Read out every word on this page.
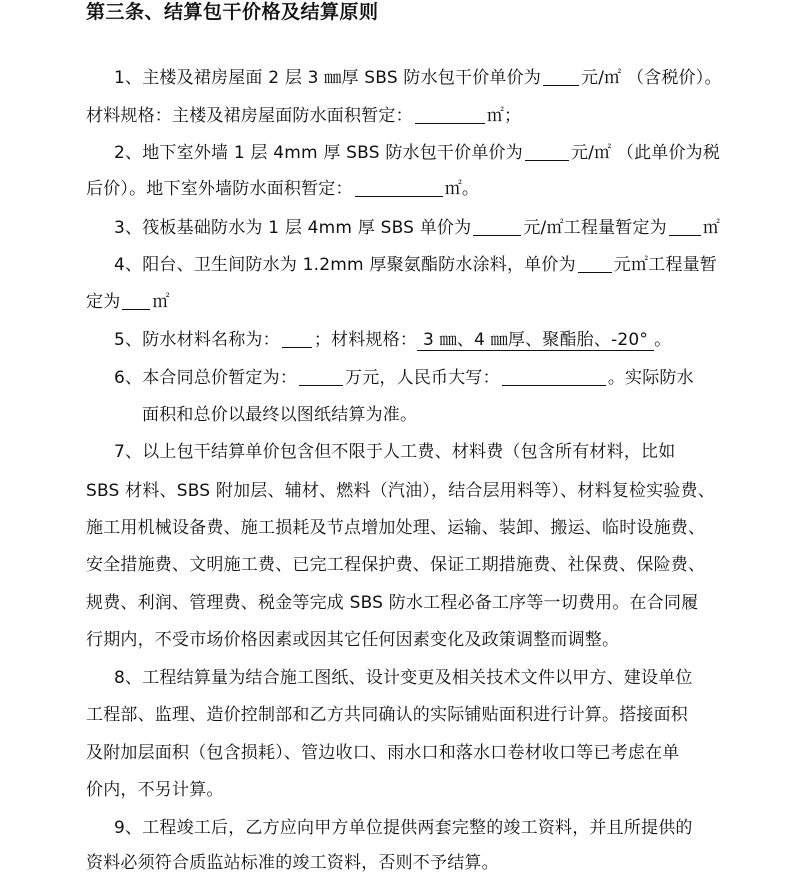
第三条、结算包干价格及结算原则
1、主楼及裙房屋面 2 层 3 ㎜厚 SBS 防水包干价单价为 元/㎡ （含税价）。
材料规格：主楼及裙房屋面防水面积暂定：	㎡；
2、地下室外墙 1 层 4mm 厚 SBS 防水包干价单价为	元/㎡ （此单价为税
后价）。地下室外墙防水面积暂定：	㎡。
3、筏板基础防水为 1 层 4mm 厚 SBS 单价为	元/㎡工程量暂定为 ㎡
4、阳台、卫生间防水为 1.2mm 厚聚氨酯防水涂料，单价为 元㎡工程量暂
定为 ㎡
5、防水材料名称为： ；材料规格： 3 ㎜、4 ㎜厚、聚酯胎、-20° 。
6、本合同总价暂定为：	万元，人民币大写：	。实际防水
面积和总价以最终以图纸结算为准。
7、以上包干结算单价包含但不限于人工费、材料费（包含所有材料，比如
SBS 材料、SBS 附加层、辅材、燃料（汽油），结合层用料等）、材料复检实验费、
施工用机械设备费、施工损耗及节点增加处理、运输、装卸、搬运、临时设施费、
安全措施费、文明施工费、已完工程保护费、保证工期措施费、社保费、保险费、
规费、利润、管理费、税金等完成 SBS 防水工程必备工序等一切费用。在合同履
行期内，不受市场价格因素或因其它任何因素变化及政策调整而调整。
8、工程结算量为结合施工图纸、设计变更及相关技术文件以甲方、建设单位
工程部、监理、造价控制部和乙方共同确认的实际铺贴面积进行计算。搭接面积
及附加层面积（包含损耗）、管边收口、雨水口和落水口卷材收口等已考虑在单
价内，不另计算。
9、工程竣工后，乙方应向甲方单位提供两套完整的竣工资料，并且所提供的
资料必须符合质监站标准的竣工资料，否则不予结算。
